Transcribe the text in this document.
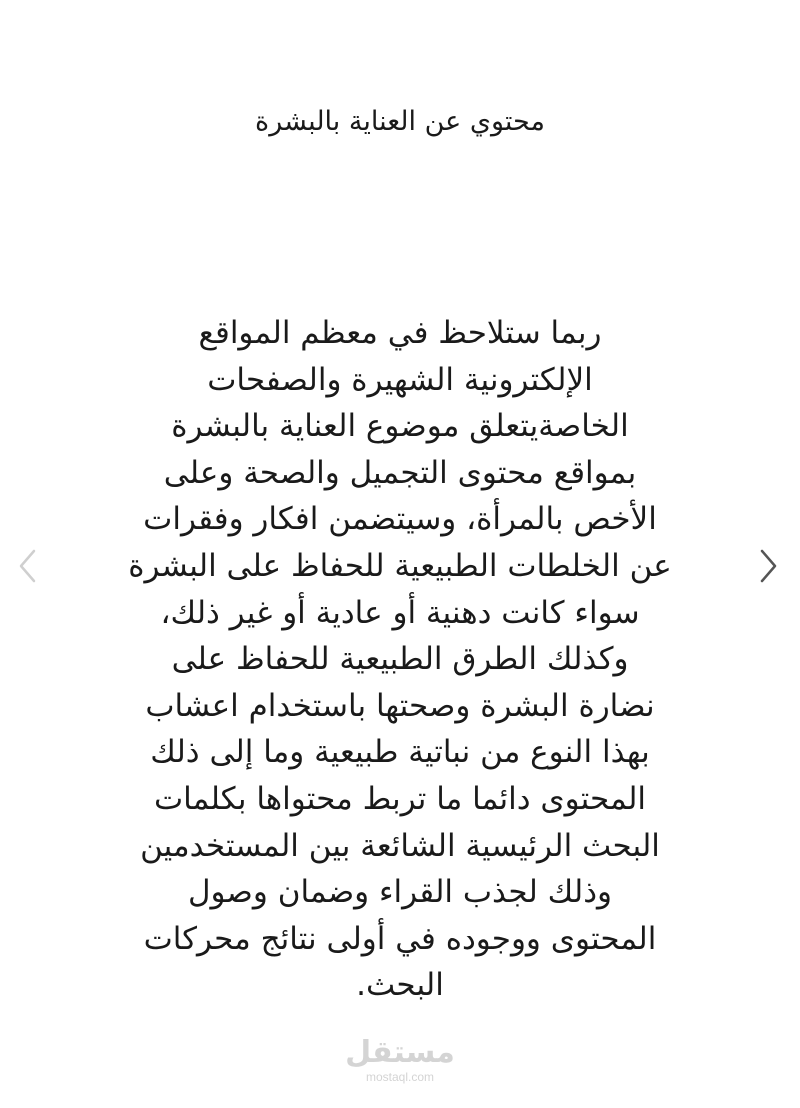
محتوي عن العناية بالبشرة
ربما ستلاحظ في معظم المواقع
الإلكترونية الشهيرة والصفحات
الخاصةيتعلق موضوع العناية بالبشرة
بمواقع محتوى التجميل والصحة وعلى
الأخص بالمرأة، وسيتضمن افكار وفقرات
عن الخلطات الطبيعية للحفاظ على البشرة
سواء كانت دهنية أو عادية أو غير ذلك،
وكذلك الطرق الطبيعية للحفاظ على
نضارة البشرة وصحتها باستخدام اعشاب
بهذا النوع من نباتية طبيعية وما إلى ذلك
المحتوى دائما ما تربط محتواها بكلمات
البحث الرئيسية الشائعة بين المستخدمين
وذلك لجذب القراء وضمان وصول
المحتوى ووجوده في أولى نتائج محركات
البحث.
مستقل
mostaql.com
